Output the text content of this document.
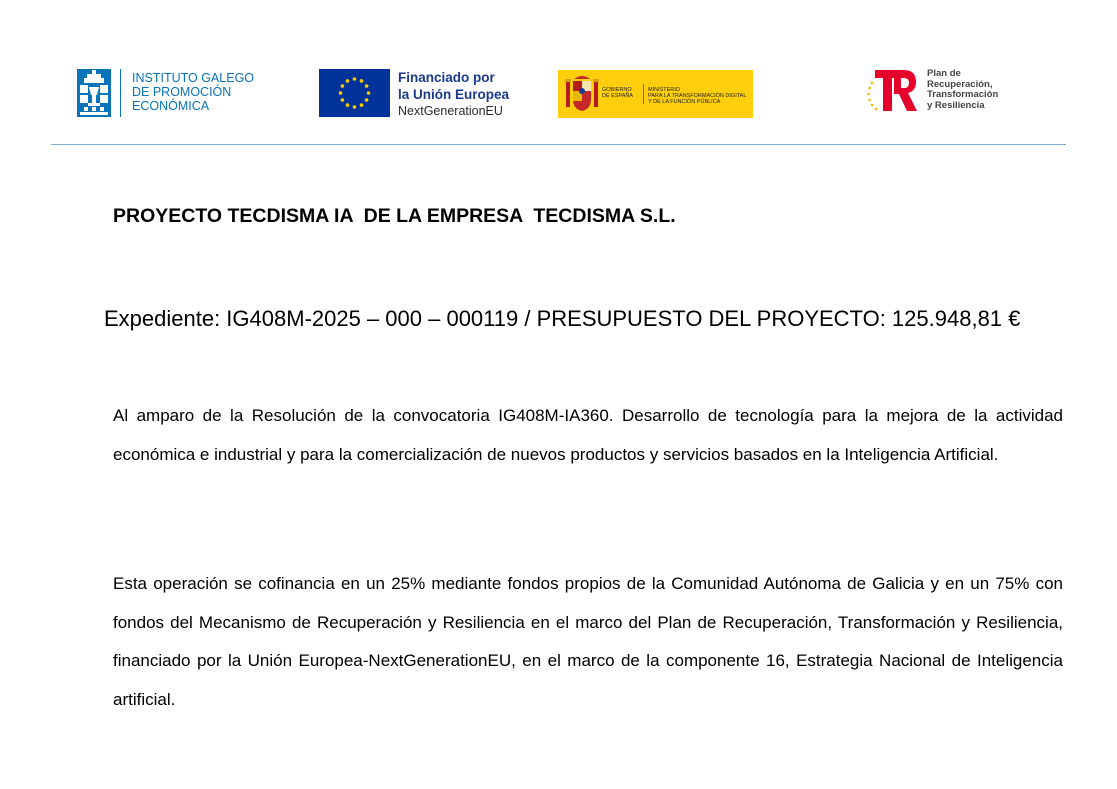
INSTITUTO GALEGO
DE PROMOCIÓN
ECONÓMICA
Financiado por
la Unión Europea
NextGenerationEU
GOBIERNO
DE ESPAÑA
MINISTERIO
PARA LA TRANSFORMACIÓN DIGITAL
Y DE LA FUNCIÓN PÚBLICA
Plan de
Recuperación,
Transformación
y Resiliencia
PROYECTO TECDISMA IA  DE LA EMPRESA  TECDISMA S.L.
Expediente: IG408M-2025 – 000 – 000119 / PRESUPUESTO DEL PROYECTO: 125.948,81 €
Al amparo de la Resolución de la convocatoria IG408M-IA360. Desarrollo de tecnología para la mejora de la actividad económica e industrial y para la comercialización de nuevos productos y servicios basados en la Inteligencia Artificial.
Esta operación se cofinancia en un 25% mediante fondos propios de la Comunidad Autónoma de Galicia y en un 75% con fondos del Mecanismo de Recuperación y Resiliencia en el marco del Plan de Recuperación, Transformación y Resiliencia, financiado por la Unión Europea-NextGenerationEU, en el marco de la componente 16, Estrategia Nacional de Inteligencia artificial.
